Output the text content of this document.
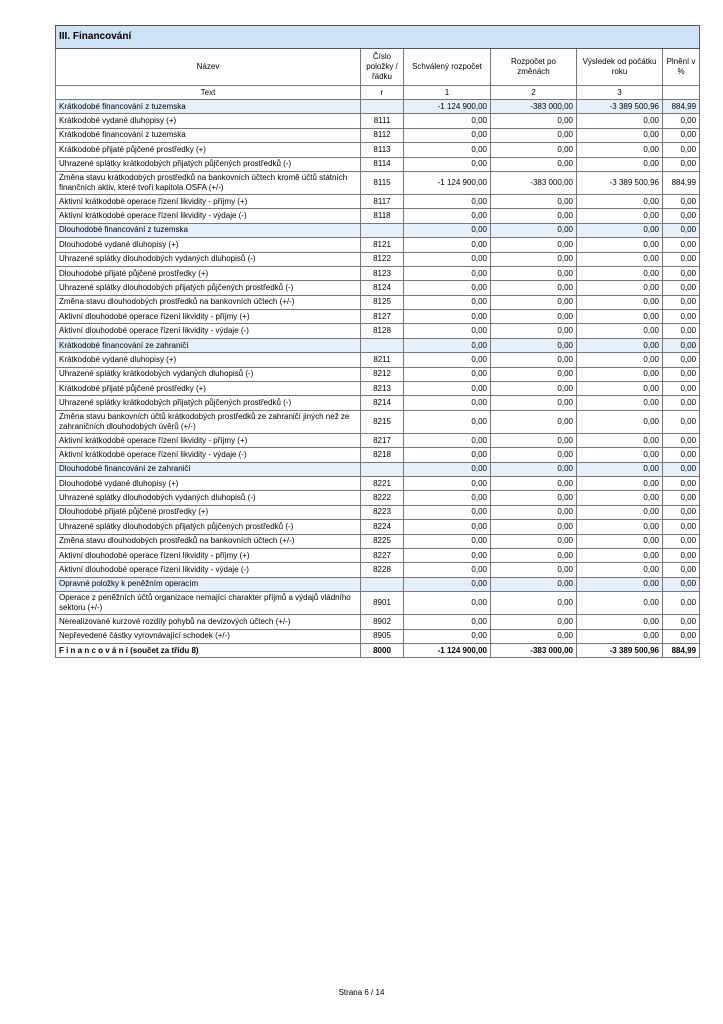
III. Financování					
Název	Číslo položky / řádku	Schválený rozpočet	Rozpočet po změnách	Výsledek od počátku roku	Plnění v %
Text	r	1	2	3	
Krátkodobé financování z tuzemska		-1 124 900,00	-383 000,00	-3 389 500,96	884,99
Krátkodobé vydané dluhopisy (+)	8111	0,00	0,00	0,00	0,00
Krátkodobé financování z tuzemska	8112	0,00	0,00	0,00	0,00
Krátkodobé přijaté půjčené prostředky (+)	8113	0,00	0,00	0,00	0,00
Uhrazené splátky krátkodobých přijatých půjčených prostředků (-)	8114	0,00	0,00	0,00	0,00
Změna stavu krátkodobých prostředků na bankovních účtech kromě účtů státních finančních aktiv, které tvoří kapitola OSFA (+/-)	8115	-1 124 900,00	-383 000,00	-3 389 500,96	884,99
Aktivní krátkodobé operace řízení likvidity - příjmy (+)	8117	0,00	0,00	0,00	0,00
Aktivní krátkodobé operace řízení likvidity - výdaje (-)	8118	0,00	0,00	0,00	0,00
Dlouhodobé financování z tuzemska		0,00	0,00	0,00	0,00
Dlouhodobé vydané dluhopisy (+)	8121	0,00	0,00	0,00	0,00
Uhrazené splátky dlouhodobých vydaných dluhopisů (-)	8122	0,00	0,00	0,00	0,00
Dlouhodobé přijaté půjčené prostředky (+)	8123	0,00	0,00	0,00	0,00
Uhrazené splátky dlouhodobých přijatých půjčených prostředků (-)	8124	0,00	0,00	0,00	0,00
Změna stavu dlouhodobých prostředků na bankovních účtech (+/-)	8125	0,00	0,00	0,00	0,00
Aktivní dlouhodobé operace řízení likvidity - příjmy (+)	8127	0,00	0,00	0,00	0,00
Aktivní dlouhodobé operace řízení likvidity - výdaje (-)	8128	0,00	0,00	0,00	0,00
Krátkodobé financování ze zahraničí		0,00	0,00	0,00	0,00
Krátkodobé vydané dluhopisy (+)	8211	0,00	0,00	0,00	0,00
Uhrazené splátky krátkodobých vydaných dluhopisů (-)	8212	0,00	0,00	0,00	0,00
Krátkodobé přijaté půjčené prostředky (+)	8213	0,00	0,00	0,00	0,00
Uhrazené splátky krátkodobých přijatých půjčených prostředků (-)	8214	0,00	0,00	0,00	0,00
Změna stavu bankovních účtů krátkodobých prostředků ze zahraničí jiných než ze zahraničních dlouhodobých úvěrů (+/-)	8215	0,00	0,00	0,00	0,00
Aktivní krátkodobé operace řízení likvidity - příjmy (+)	8217	0,00	0,00	0,00	0,00
Aktivní krátkodobé operace řízení likvidity - výdaje (-)	8218	0,00	0,00	0,00	0,00
Dlouhodobé financování ze zahraničí		0,00	0,00	0,00	0,00
Dlouhodobé vydané dluhopisy (+)	8221	0,00	0,00	0,00	0,00
Uhrazené splátky dlouhodobých vydaných dluhopisů (-)	8222	0,00	0,00	0,00	0,00
Dlouhodobé přijaté půjčené prostředky (+)	8223	0,00	0,00	0,00	0,00
Uhrazené splátky dlouhodobých přijatých půjčených prostředků (-)	8224	0,00	0,00	0,00	0,00
Změna stavu dlouhodobých prostředků na bankovních účtech (+/-)	8225	0,00	0,00	0,00	0,00
Aktivní dlouhodobé operace řízení likvidity - příjmy (+)	8227	0,00	0,00	0,00	0,00
Aktivní dlouhodobé operace řízení likvidity - výdaje (-)	8228	0,00	0,00	0,00	0,00
Opravné položky k peněžním operacím		0,00	0,00	0,00	0,00
Operace z peněžních účtů organizace nemající charakter příjmů a výdajů vládního sektoru (+/-)	8901	0,00	0,00	0,00	0,00
Nerealizované kurzové rozdíly pohybů na devizových účtech (+/-)	8902	0,00	0,00	0,00	0,00
Nepřevedené částky vyrovnávající schodek (+/-)	8905	0,00	0,00	0,00	0,00
F i n a n c o v á n í (součet za třídu 8)	8000	-1 124 900,00	-383 000,00	-3 389 500,96	884,99
Strana 6 / 14
